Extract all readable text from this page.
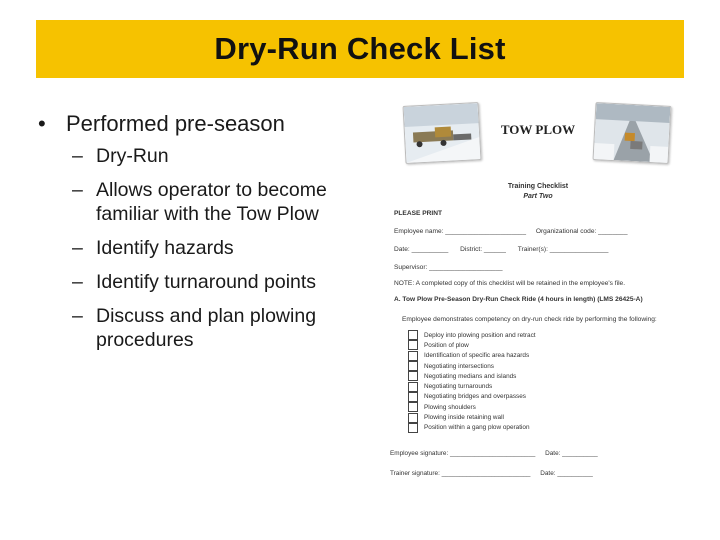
Dry-Run Check List
• Performed pre-season
– Dry-Run
– Allows operator to become familiar with the Tow Plow
– Identify hazards
– Identify turnaround points
– Discuss and plan plowing procedures
TOW PLOW
Training Checklist
Part Two
PLEASE PRINT
Employee name: ______________________ Organizational code: ________
Date: __________ District: ______ Trainer(s): ________________
Supervisor: ____________________
NOTE: A completed copy of this checklist will be retained in the employee's file.
A. Tow Plow Pre-Season Dry-Run Check Ride (4 hours in length) (LMS 26425-A)
Employee demonstrates competency on dry-run check ride by performing the following:
Deploy into plowing position and retract
Position of plow
Identification of specific area hazards
Negotiating intersections
Negotiating medians and islands
Negotiating turnarounds
Negotiating bridges and overpasses
Plowing shoulders
Plowing inside retaining wall
Position within a gang plow operation
Employee signature: ________________________ Date: __________
Trainer signature: _________________________ Date: __________
